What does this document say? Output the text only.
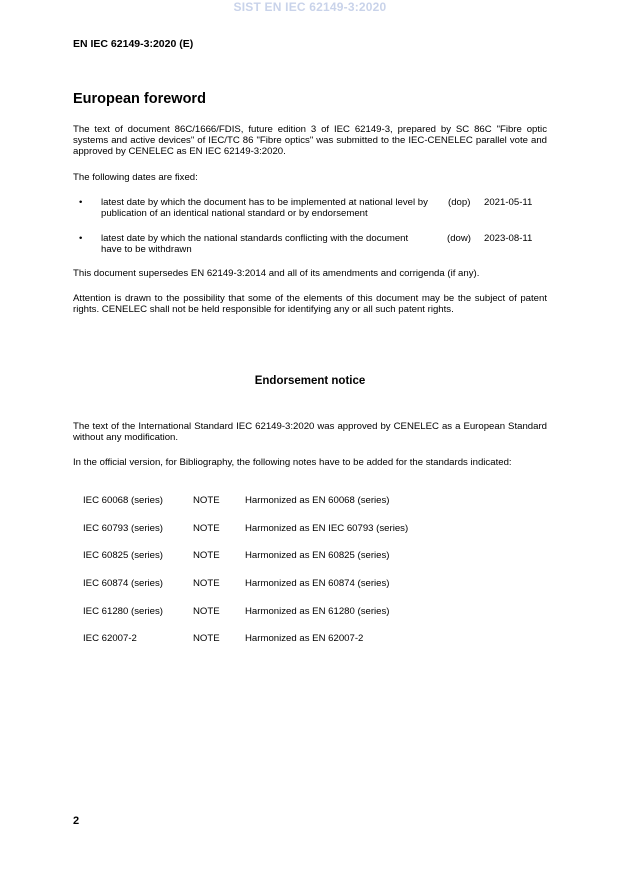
SIST EN IEC 62149-3:2020
EN IEC 62149-3:2020 (E)
European foreword
The text of document 86C/1666/FDIS, future edition 3 of IEC 62149-3, prepared by SC 86C "Fibre optic systems and active devices" of IEC/TC 86 "Fibre optics" was submitted to the IEC-CENELEC parallel vote and approved by CENELEC as EN IEC 62149-3:2020.
The following dates are fixed:
• latest date by which the document has to be implemented at national level by publication of an identical national standard or by endorsement
(dop) 2021-05-11
• latest date by which the national standards conflicting with the document have to be withdrawn
(dow) 2023-08-11
This document supersedes EN 62149-3:2014 and all of its amendments and corrigenda (if any).
Attention is drawn to the possibility that some of the elements of this document may be the subject of patent rights. CENELEC shall not be held responsible for identifying any or all such patent rights.
Endorsement notice
The text of the International Standard IEC 62149-3:2020 was approved by CENELEC as a European Standard without any modification.
In the official version, for Bibliography, the following notes have to be added for the standards indicated:
IEC 60068 (series)	NOTE	Harmonized as EN 60068 (series)
IEC 60793 (series)	NOTE	Harmonized as EN IEC 60793 (series)
IEC 60825 (series)	NOTE	Harmonized as EN 60825 (series)
IEC 60874 (series)	NOTE	Harmonized as EN 60874 (series)
IEC 61280 (series)	NOTE	Harmonized as EN 61280 (series)
IEC 62007-2	NOTE	Harmonized as EN 62007-2
2
